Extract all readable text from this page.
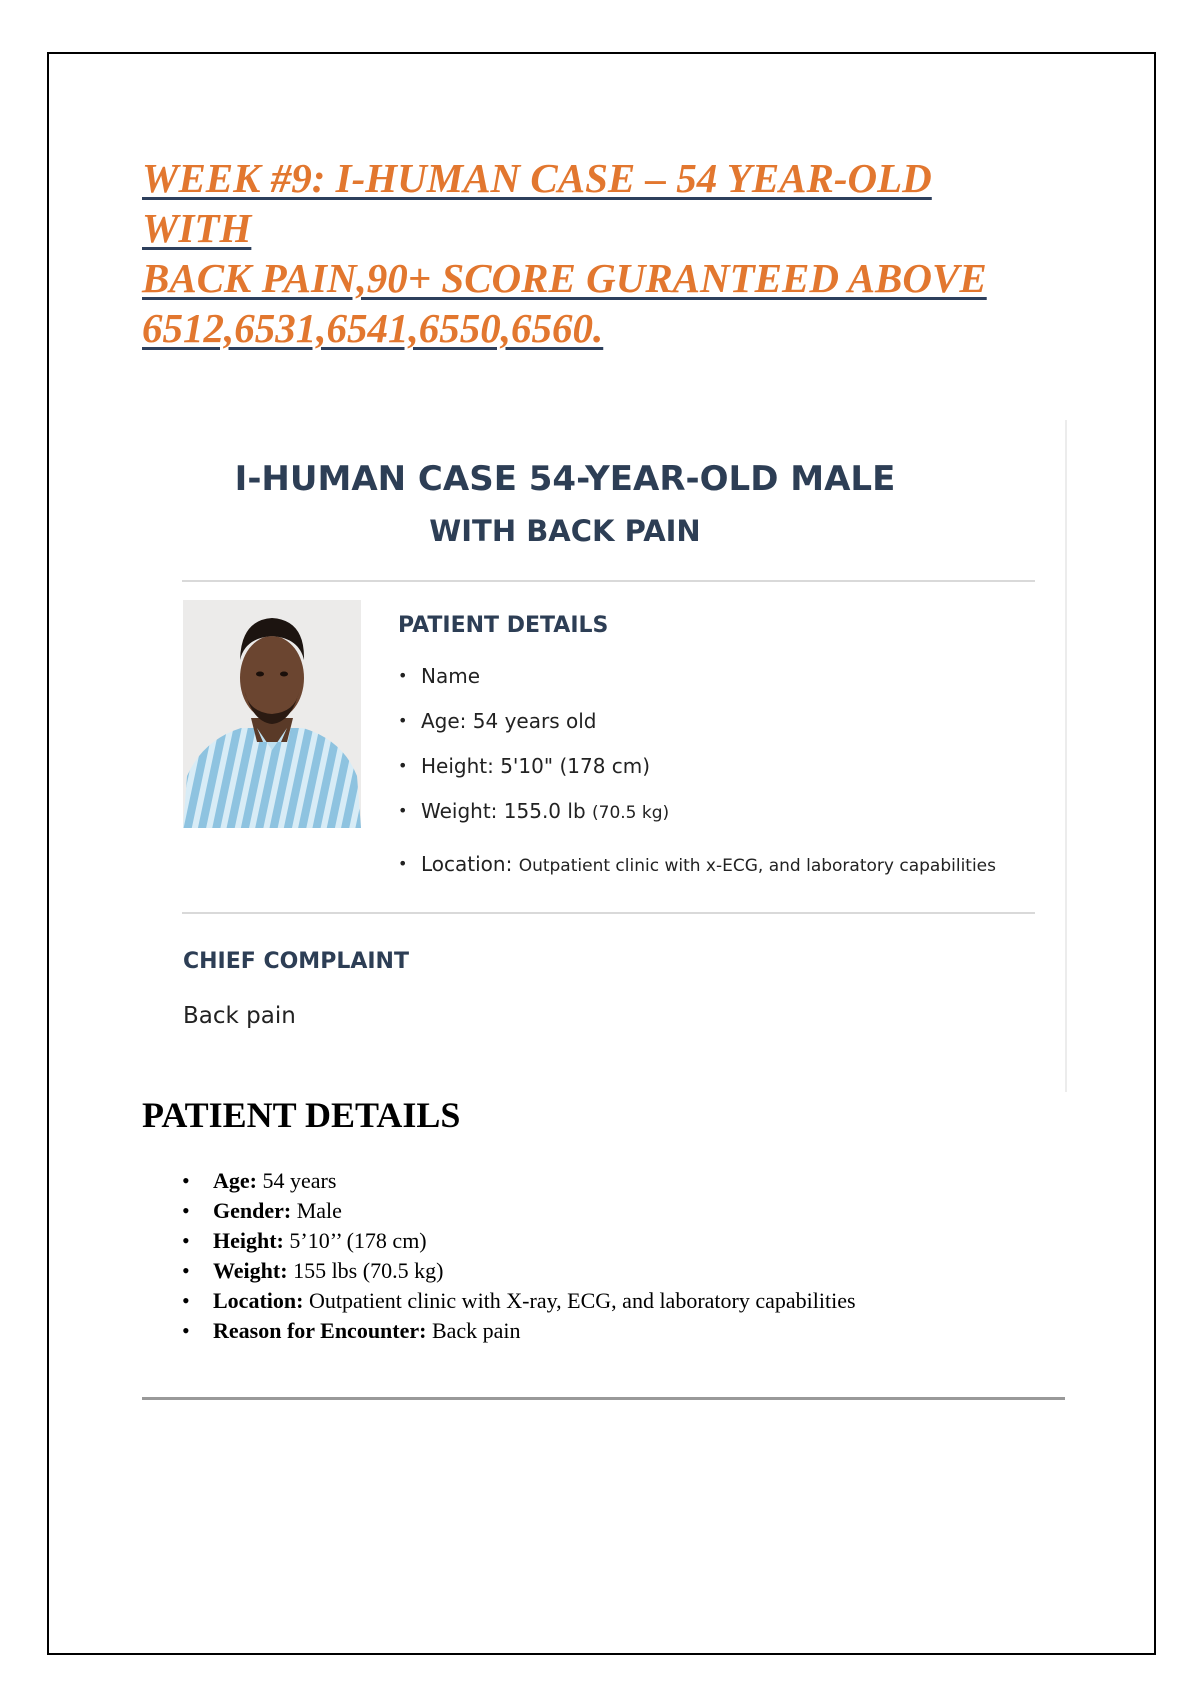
WEEK #9: I-HUMAN CASE – 54 YEAR-OLD WITH
BACK PAIN,90+ SCORE GURANTEED ABOVE
6512,6531,6541,6550,6560.
I-HUMAN CASE 54-YEAR-OLD MALE
WITH BACK PAIN
PATIENT DETAILS
• Name
• Age: 54 years old
• Height: 5'10" (178 cm)
• Weight: 155.0 lb (70.5 kg)
• Location: Outpatient clinic with x-ECG, and laboratory capabilities
CHIEF COMPLAINT

Back pain

PATIENT DETAILS
• Age: 54 years
• Gender: Male
• Height: 5’10’’ (178 cm)
• Weight: 155 lbs (70.5 kg)
• Location: Outpatient clinic with X-ray, ECG, and laboratory capabilities
• Reason for Encounter: Back pain
